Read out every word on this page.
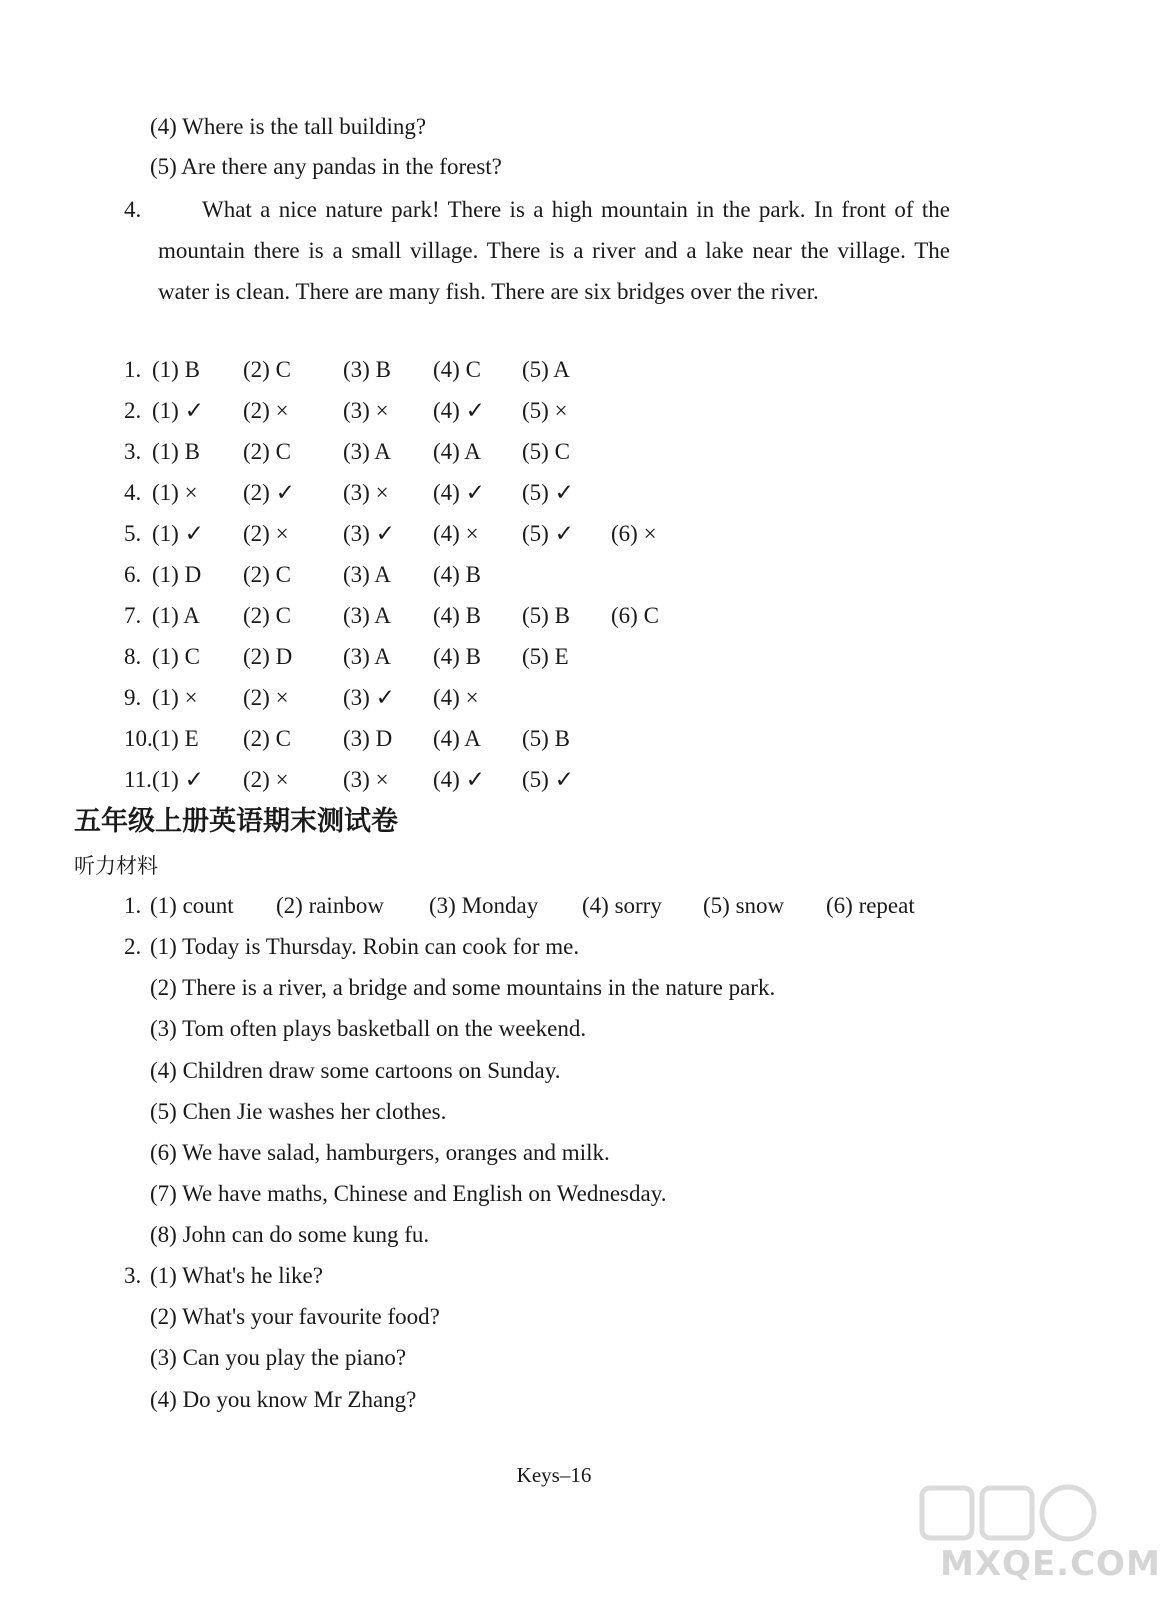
(4) Where is the tall building?
(5) Are there any pandas in the forest?
4.	What a nice nature park! There is a high mountain in the park. In front of the mountain there is a small village. There is a river and a lake near the village. The water is clean. There are many fish. There are six bridges over the river.
1. (1) B (2) C (3) B (4) C (5) A
2. (1) ✓ (2) × (3) × (4) ✓ (5) ×
3. (1) B (2) C (3) A (4) A (5) C
4. (1) × (2) ✓ (3) × (4) ✓ (5) ✓
5. (1) ✓ (2) × (3) ✓ (4) × (5) ✓ (6) ×
6. (1) D (2) C (3) A (4) B
7. (1) A (2) C (3) A (4) B (5) B (6) C
8. (1) C (2) D (3) A (4) B (5) E
9. (1) × (2) × (3) ✓ (4) ×
10. (1) E (2) C (3) D (4) A (5) B
11. (1) ✓ (2) × (3) × (4) ✓ (5) ✓
五年级上册英语期末测试卷
听力材料
1. (1) count (2) rainbow (3) Monday (4) sorry (5) snow (6) repeat
2. (1) Today is Thursday. Robin can cook for me.
(2) There is a river, a bridge and some mountains in the nature park.
(3) Tom often plays basketball on the weekend.
(4) Children draw some cartoons on Sunday.
(5) Chen Jie washes her clothes.
(6) We have salad, hamburgers, oranges and milk.
(7) We have maths, Chinese and English on Wednesday.
(8) John can do some kung fu.
3. (1) What's he like?
(2) What's your favourite food?
(3) Can you play the piano?
(4) Do you know Mr Zhang?
Keys–16
MXQE.COM
